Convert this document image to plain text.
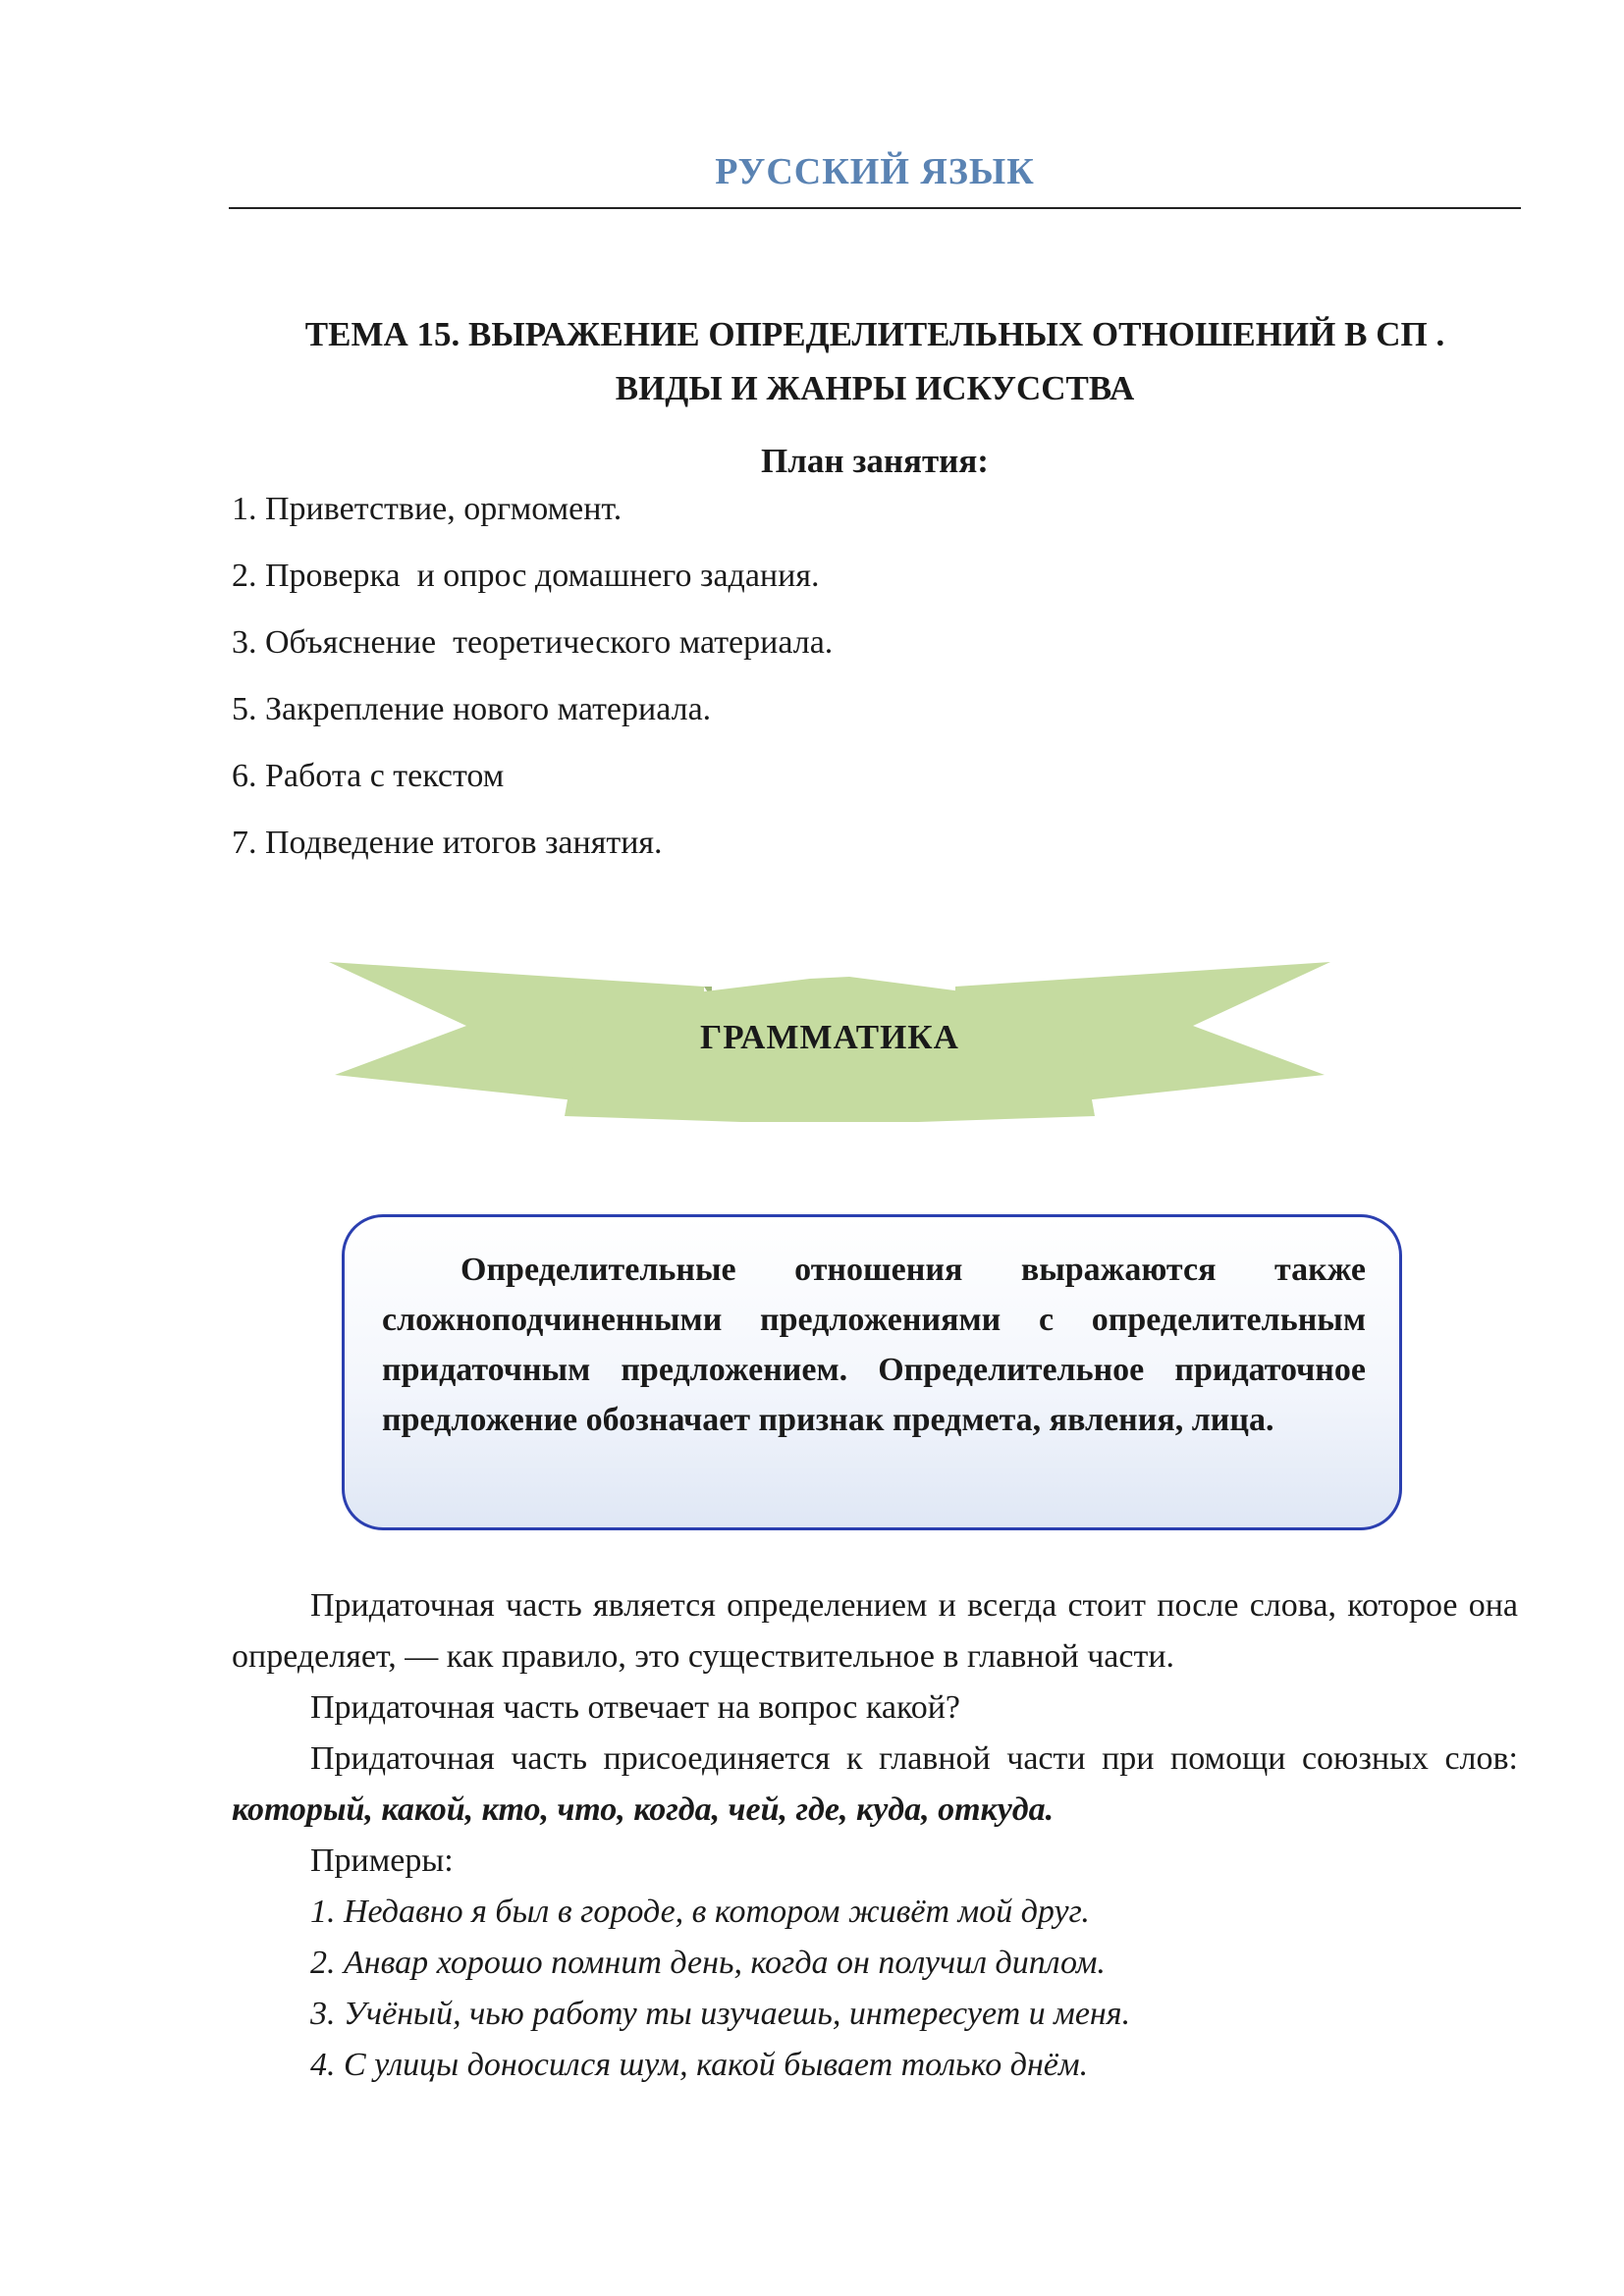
РУССКИЙ ЯЗЫК
ТЕМА 15. ВЫРАЖЕНИЕ ОПРЕДЕЛИТЕЛЬНЫХ ОТНОШЕНИЙ В СП .
ВИДЫ И ЖАНРЫ ИСКУССТВА
План занятия:
1. Приветствие, оргмомент.
2. Проверка  и опрос домашнего задания.
3. Объяснение  теоретического материала.
5. Закрепление нового материала.
6. Работа с текстом
7. Подведение итогов занятия.
ГРАММАТИКА

Определительные отношения выражаются также сложноподчиненными предложениями с определительным придаточным предложением. Определительное придаточное предложение обозначает признак предмета, явления, лица.

Придаточная часть является определением и всегда стоит после слова, которое она определяет, — как правило, это существительное в главной части.

Придаточная часть отвечает на вопрос какой?

Придаточная часть присоединяется к главной части при помощи союзных слов: который, какой, кто, что, когда, чей, где, куда, откуда.

Примеры:

1. Недавно я был в городе, в котором живёт мой друг.
2. Анвар хорошо помнит день, когда он получил диплом.
3. Учёный, чью работу ты изучаешь, интересует и меня.
4. С улицы доносился шум, какой бывает только днём.
